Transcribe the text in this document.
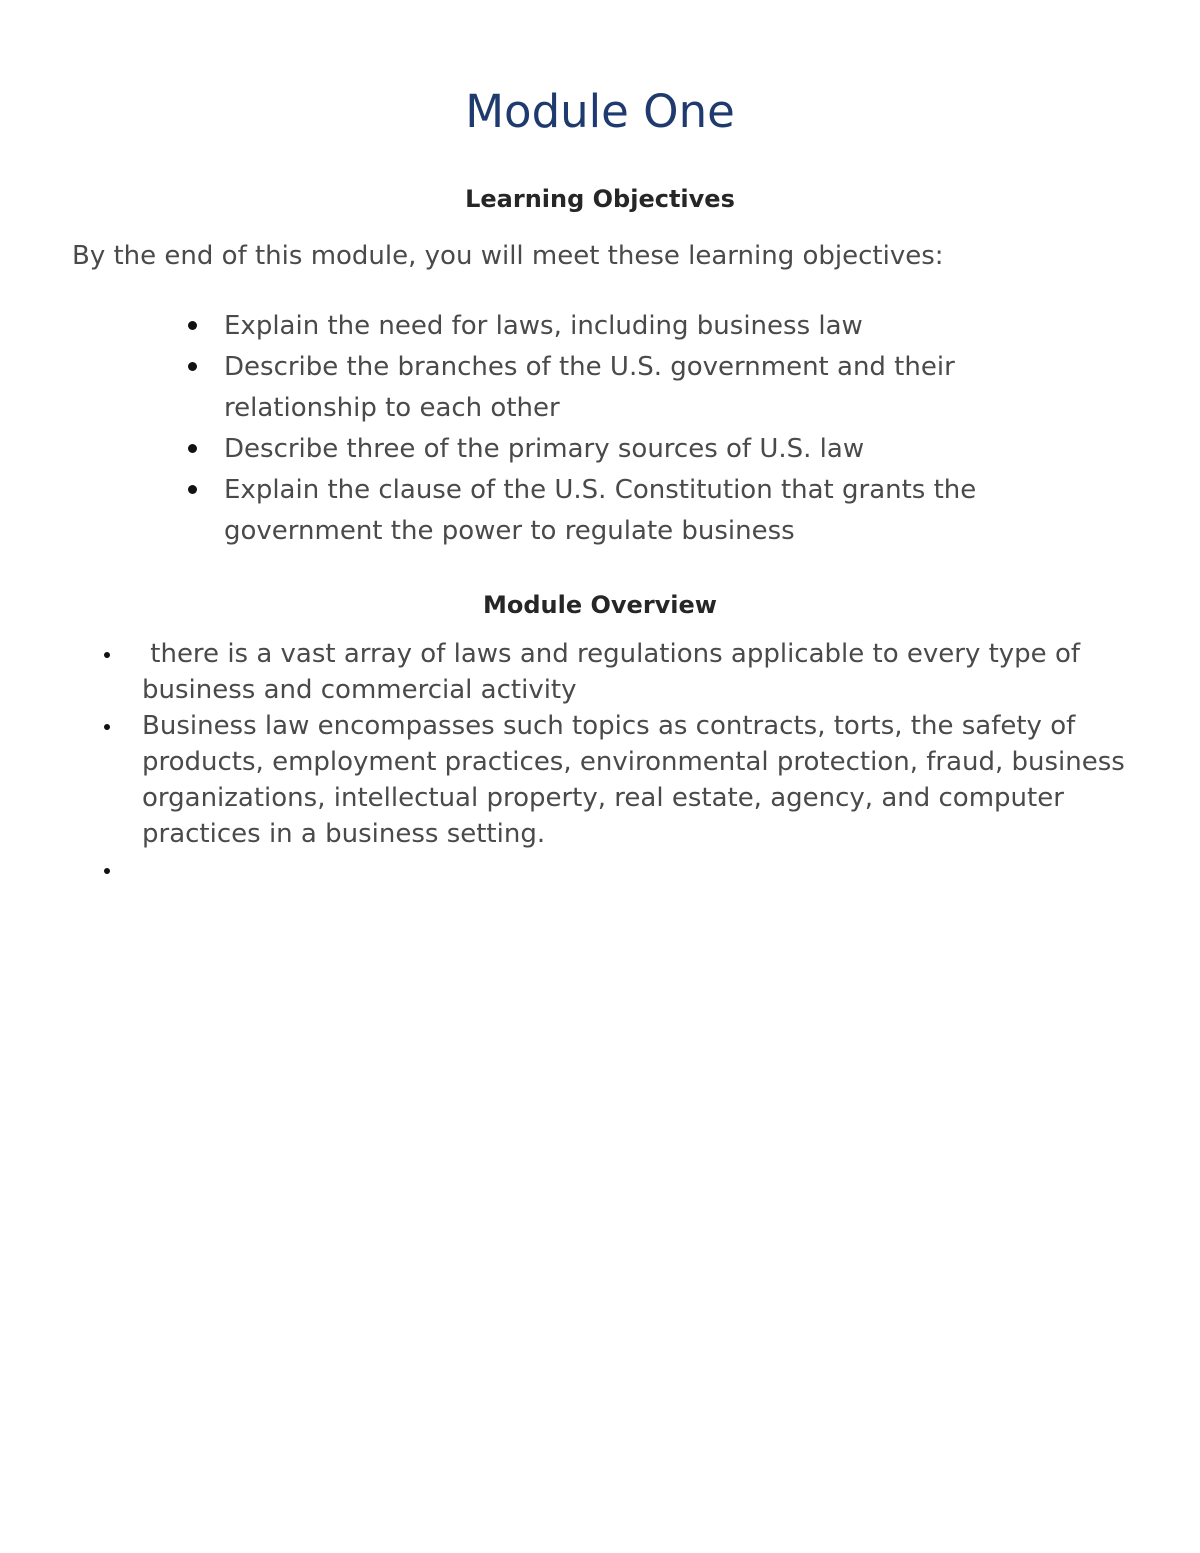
Module One
Learning Objectives

By the end of this module, you will meet these learning objectives:

Explain the need for laws, including business law
Describe the branches of the U.S. government and their relationship to each other
Describe three of the primary sources of U.S. law
Explain the clause of the U.S. Constitution that grants the government the power to regulate business
Module Overview
there is a vast array of laws and regulations applicable to every type of business and commercial activity
Business law encompasses such topics as contracts, torts, the safety of products, employment practices, environmental protection, fraud, business organizations, intellectual property, real estate, agency, and computer practices in a business setting.
